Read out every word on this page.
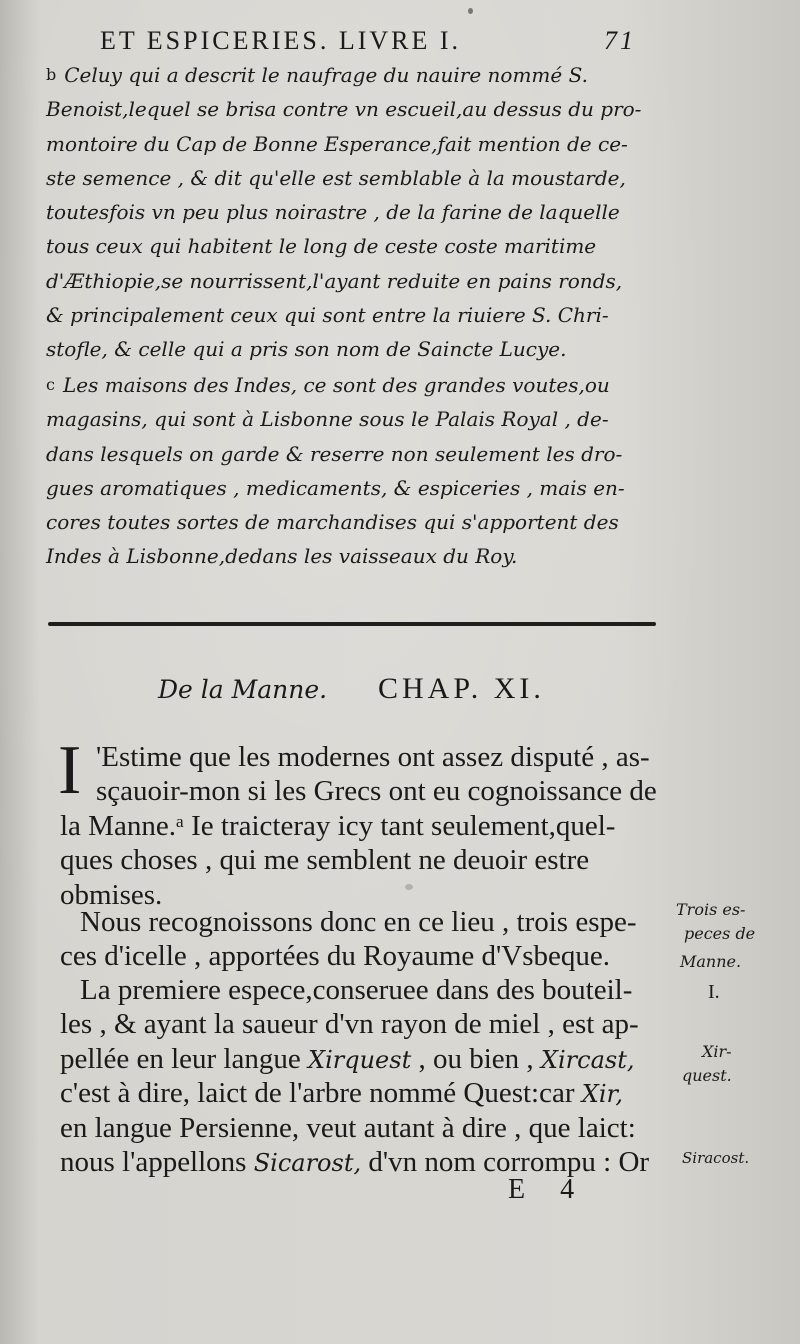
ET ESPICERIES. LIVRE I.	71
b Celuy qui a descrit le naufrage du nauire nommé S.
Benoist,lequel se brisa contre vn escueil,au dessus du pro-
montoire du Cap de Bonne Esperance,fait mention de ce-
ste semence , & dit qu'elle est semblable à la moustarde,
toutesfois vn peu plus noirastre , de la farine de laquelle
tous ceux qui habitent le long de ceste coste maritime
d'Æthiopie,se nourrissent,l'ayant reduite en pains ronds,
& principalement ceux qui sont entre la riuiere S. Chri-
stofle, & celle qui a pris son nom de Saincte Lucye.
c Les maisons des Indes, ce sont des grandes voutes,ou
magasins, qui sont à Lisbonne sous le Palais Royal , de-
dans lesquels on garde & reserre non seulement les dro-
gues aromatiques , medicaments, & espiceries , mais en-
cores toutes sortes de marchandises qui s'apportent des
Indes à Lisbonne,dedans les vaisseaux du Roy.
De la Manne. CHAP. XI.
I 'Estime que les modernes ont assez disputé , as-
sçauoir-mon si les Grecs ont eu cognoissance de
la Manne.ᵃ Ie traicteray icy tant seulement,quel-
ques choses , qui me semblent ne deuoir estre
obmises.
Nous recognoissons donc en ce lieu , trois espe-
ces d'icelle , apportées du Royaume d'Vsbeque.
La premiere espece,conseruee dans des bouteil-
les , & ayant la saueur d'vn rayon de miel , est ap-
pellée en leur langue Xirquest , ou bien , Xircast,
c'est à dire, laict de l'arbre nommé Quest:car Xir,
en langue Persienne, veut autant à dire , que laict:
nous l'appellons Sicarost, d'vn nom corrompu : Or
Trois es-
peces de
Manne.
I.
Xir-
quest.
Siracost.
E 4
